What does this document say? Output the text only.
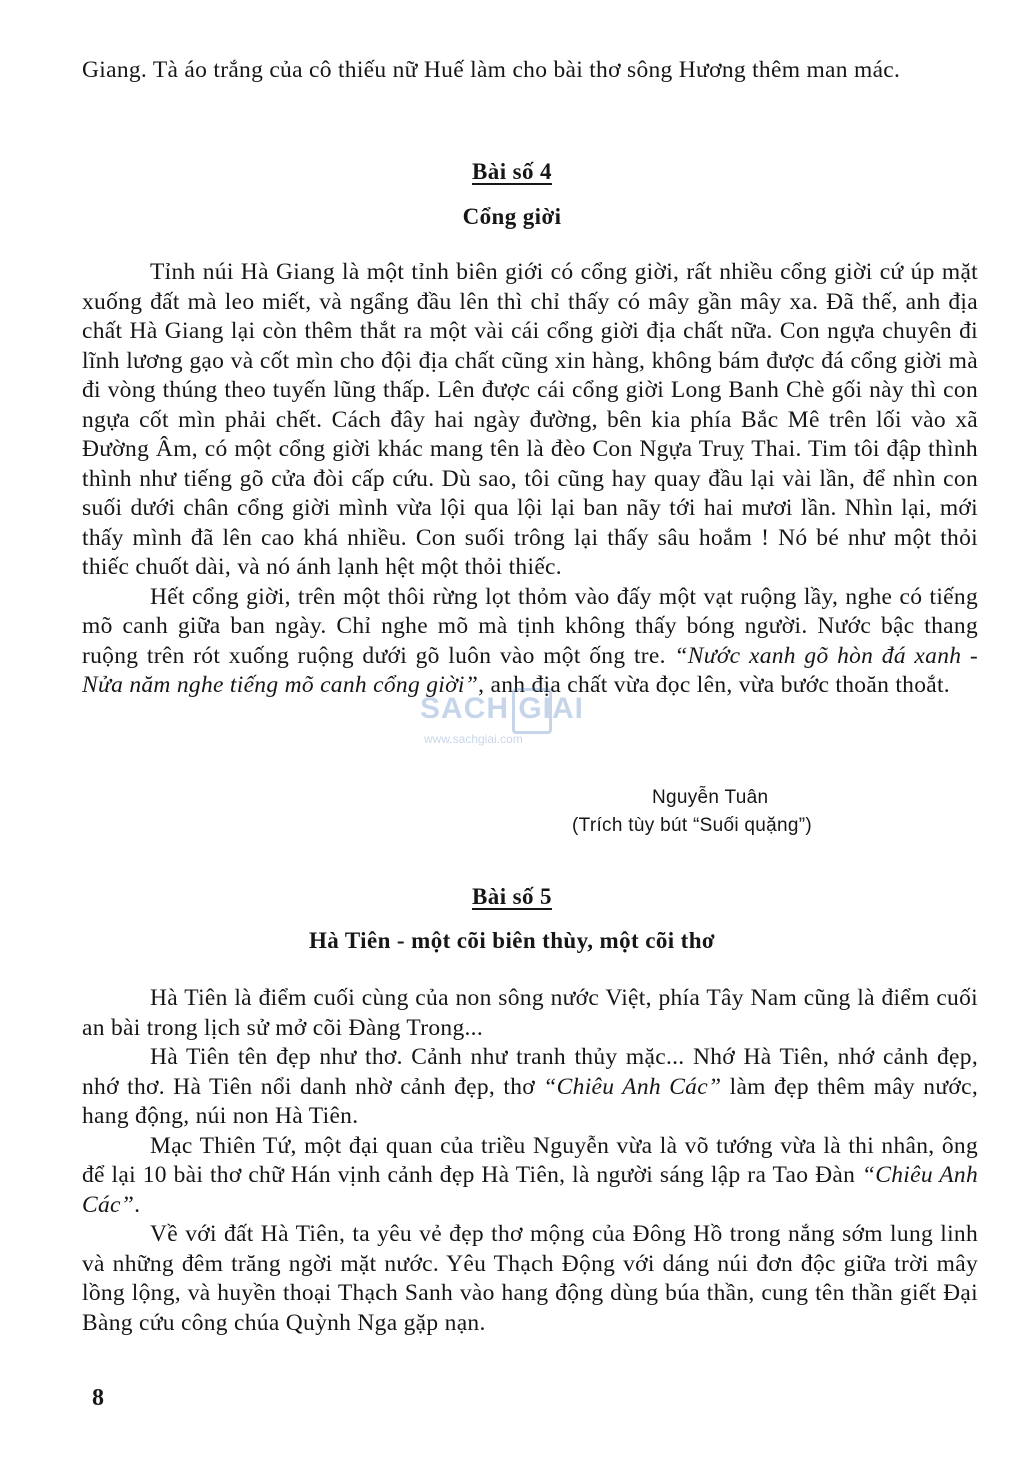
Giang. Tà áo trắng của cô thiếu nữ Huế làm cho bài thơ sông Hương thêm man mác.

Bài số 4
Cổng giời

Tỉnh núi Hà Giang là một tỉnh biên giới có cổng giời, rất nhiều cổng giời cứ úp mặt xuống đất mà leo miết, và ngẩng đầu lên thì chỉ thấy có mây gần mây xa. Đã thế, anh địa chất Hà Giang lại còn thêm thắt ra một vài cái cổng giời địa chất nữa. Con ngựa chuyên đi lĩnh lương gạo và cốt mìn cho đội địa chất cũng xin hàng, không bám được đá cổng giời mà đi vòng thúng theo tuyến lũng thấp. Lên được cái cổng giời Long Banh Chè gối này thì con ngựa cốt mìn phải chết. Cách đây hai ngày đường, bên kia phía Bắc Mê trên lối vào xã Đường Âm, có một cổng giời khác mang tên là đèo Con Ngựa Truỵ Thai. Tim tôi đập thình thình như tiếng gõ cửa đòi cấp cứu. Dù sao, tôi cũng hay quay đầu lại vài lần, để nhìn con suối dưới chân cổng giời mình vừa lội qua lội lại ban nãy tới hai mươi lần. Nhìn lại, mới thấy mình đã lên cao khá nhiều. Con suối trông lại thấy sâu hoắm ! Nó bé như một thỏi thiếc chuốt dài, và nó ánh lạnh hệt một thỏi thiếc.

Hết cổng giời, trên một thôi rừng lọt thỏm vào đấy một vạt ruộng lầy, nghe có tiếng mõ canh giữa ban ngày. Chỉ nghe mõ mà tịnh không thấy bóng người. Nước bậc thang ruộng trên rót xuống ruộng dưới gõ luôn vào một ống tre. “Nước xanh gõ hòn đá xanh - Nửa năm nghe tiếng mõ canh cổng giời”, anh địa chất vừa đọc lên, vừa bước thoăn thoắt.

Nguyễn Tuân
(Trích tùy bút “Suối quặng”)
Bài số 5
Hà Tiên - một cõi biên thùy, một cõi thơ

Hà Tiên là điểm cuối cùng của non sông nước Việt, phía Tây Nam cũng là điểm cuối an bài trong lịch sử mở cõi Đàng Trong...

Hà Tiên tên đẹp như thơ. Cảnh như tranh thủy mặc... Nhớ Hà Tiên, nhớ cảnh đẹp, nhớ thơ. Hà Tiên nổi danh nhờ cảnh đẹp, thơ “Chiêu Anh Các” làm đẹp thêm mây nước, hang động, núi non Hà Tiên.

Mạc Thiên Tứ, một đại quan của triều Nguyễn vừa là võ tướng vừa là thi nhân, ông để lại 10 bài thơ chữ Hán vịnh cảnh đẹp Hà Tiên, là người sáng lập ra Tao Đàn “Chiêu Anh Các”.

Về với đất Hà Tiên, ta yêu vẻ đẹp thơ mộng của Đông Hồ trong nắng sớm lung linh và những đêm trăng ngời mặt nước. Yêu Thạch Động với dáng núi đơn độc giữa trời mây lồng lộng, và huyền thoại Thạch Sanh vào hang động dùng búa thần, cung tên thần giết Đại Bàng cứu công chúa Quỳnh Nga gặp nạn.

SACH GIAI
www.sachgiai.com
8
